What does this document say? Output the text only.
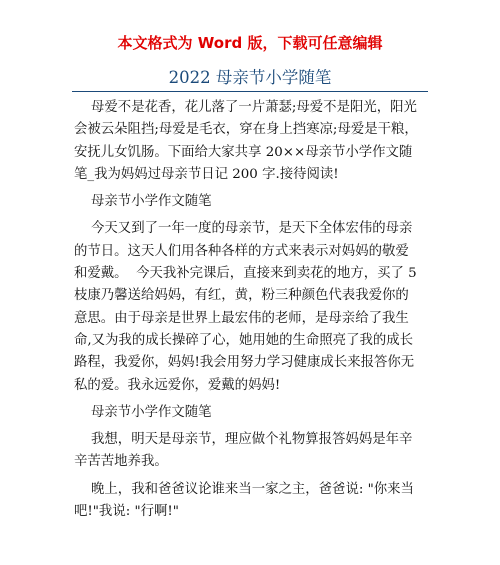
本文格式为 Word 版，下载可任意编辑
2022 母亲节小学随笔
母爱不是花香，花儿落了一片萧瑟;母爱不是阳光，阳光
会被云朵阻挡;母爱是毛衣，穿在身上挡寒凉;母爱是干粮，
安抚儿女饥肠。下面给大家共享 20××母亲节小学作文随
笔_我为妈妈过母亲节日记 200 字.接待阅读!
母亲节小学作文随笔
今天又到了一年一度的母亲节，是天下全体宏伟的母亲
的节日。这天人们用各种各样的方式来表示对妈妈的敬爱
和爱戴。  今天我补完课后，直接来到卖花的地方，买了 5
枝康乃馨送给妈妈，有红，黄，粉三种颜色代表我爱你的
意思。由于母亲是世界上最宏伟的老师，是母亲给了我生
命,又为我的成长操碎了心，她用她的生命照亮了我的成长
路程，我爱你，妈妈!我会用努力学习健康成长来报答你无
私的爱。我永远爱你，爱戴的妈妈!
母亲节小学作文随笔
我想，明天是母亲节，理应做个礼物算报答妈妈是年辛
辛苦苦地养我。
晚上，我和爸爸议论谁来当一家之主，爸爸说: "你来当
吧!"我说: "行啊!"
